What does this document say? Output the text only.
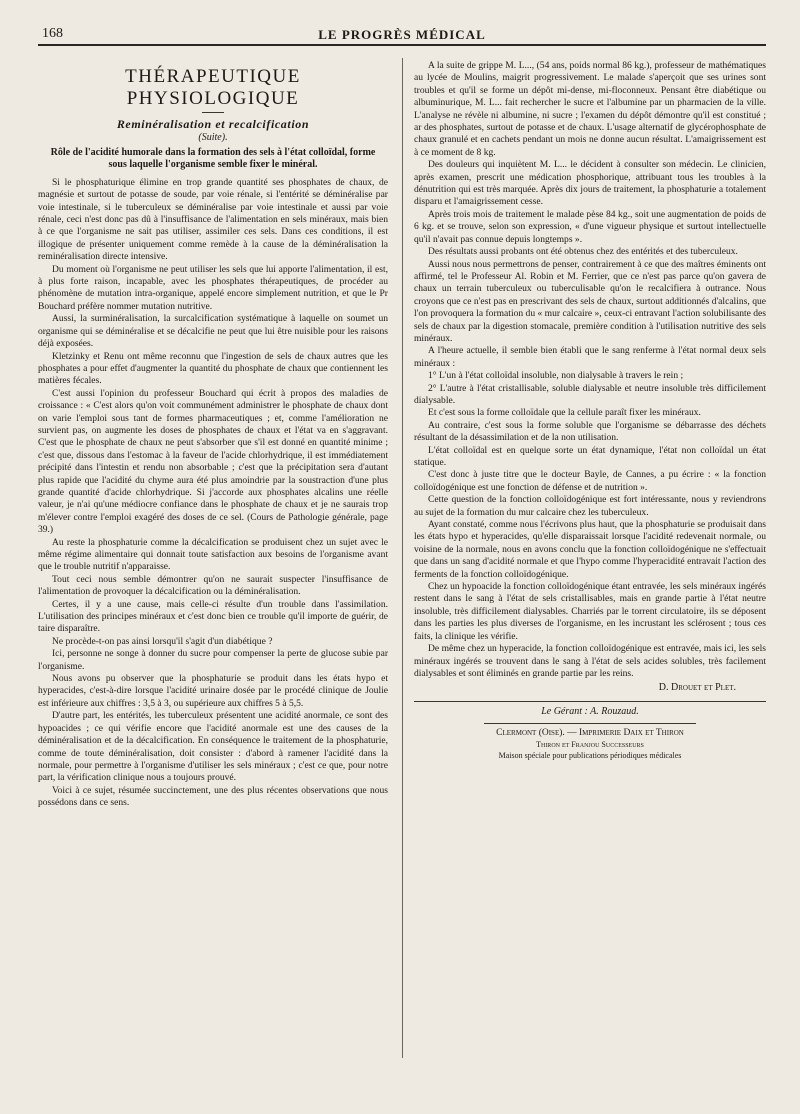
168	LE PROGRÈS MÉDICAL
THÉRAPEUTIQUE PHYSIOLOGIQUE
Reminéralisation et recalcification
(Suite).
Rôle de l'acidité humorale dans la formation des sels à l'état colloïdal, forme sous laquelle l'organisme semble fixer le minéral.

Si le phosphaturique élimine en trop grande quantité ses phosphates de chaux, de magnésie et surtout de potasse de soude, par voie rénale, si l'entérité se déminéralise par voie intestinale, si le tuberculeux se déminéralise par voie intestinale et aussi par voie rénale, ceci n'est donc pas dû à l'insuffisance de l'alimentation en sels minéraux, mais bien à ce que l'organisme ne sait pas utiliser, assimiler ces sels. Dans ces conditions, il est illogique de présenter uniquement comme remède à la cause de la déminéralisation la reminéralisation directe intensive.

Du moment où l'organisme ne peut utiliser les sels que lui apporte l'alimentation, il est, à plus forte raison, incapable, avec les phosphates thérapeutiques, de procéder au phénomène de mutation intra-organique, appelé encore simplement nutrition, et que le Pr Bouchard préfère nommer mutation nutritive.

Aussi, la surminéralisation, la surcalcification systématique à laquelle on soumet un organisme qui se déminéralise et se décalcifie ne peut que lui être nuisible pour les raisons déjà exposées.

Kletzinky et Renu ont même reconnu que l'ingestion de sels de chaux autres que les phosphates a pour effet d'augmenter la quantité du phosphate de chaux que contiennent les matières fécales.

C'est aussi l'opinion du professeur Bouchard qui écrit à propos des maladies de croissance : « C'est alors qu'on voit communément administrer le phosphate de chaux dont on varie l'emploi sous tant de formes pharmaceutiques ; et, comme l'amélioration ne survient pas, on augmente les doses de phosphates de chaux et l'état va en s'aggravant. C'est que le phosphate de chaux ne peut s'absorber que s'il est donné en quantité minime ; c'est que, dissous dans l'estomac à la faveur de l'acide chlorhydrique, il est immédiatement précipité dans l'intestin et rendu non absorbable ; c'est que la précipitation sera d'autant plus rapide que l'acidité du chyme aura été plus amoindrie par la soustraction d'une plus grande quantité d'acide chlorhydrique. Si j'accorde aux phosphates alcalins une réelle valeur, je n'ai qu'une médiocre confiance dans le phosphate de chaux et je ne saurais trop m'élever contre l'emploi exagéré des doses de ce sel. (Cours de Pathologie générale, page 39.)

Au reste la phosphaturie comme la décalcification se produisent chez un sujet avec le même régime alimentaire qui donnait toute satisfaction aux besoins de l'organisme avant que le trouble nutritif n'apparaisse.

Tout ceci nous semble démontrer qu'on ne saurait suspecter l'insuffisance de l'alimentation de provoquer la décalcification ou la déminéralisation.

Certes, il y a une cause, mais celle-ci résulte d'un trouble dans l'assimilation. L'utilisation des principes minéraux et c'est donc bien ce trouble qu'il importe de guérir, de taire disparaître.

Ne procède-t-on pas ainsi lorsqu'il s'agit d'un diabétique ?

Ici, personne ne songe à donner du sucre pour compenser la perte de glucose subie par l'organisme.

Nous avons pu observer que la phosphaturie se produit dans les états hypo et hyperacides, c'est-à-dire lorsque l'acidité urinaire dosée par le procédé clinique de Joulie est inférieure aux chiffres : 3,5 à 3, ou supérieure aux chiffres 5 à 5,5.

D'autre part, les entérités, les tuberculeux présentent une acidité anormale, ce sont des hypoacides ; ce qui vérifie encore que l'acidité anormale est une des causes de la déminéralisation et de la décalcification. En conséquence le traitement de la phosphaturie, comme de toute déminéralisation, doit consister : d'abord à ramener l'acidité dans la normale, pour permettre à l'organisme d'utiliser les sels minéraux ; c'est ce que, pour notre part, la vérification clinique nous a toujours prouvé.

Voici à ce sujet, résumée succinctement, une des plus récentes observations que nous possédons dans ce sens.

A la suite de grippe M. L..., (54 ans, poids normal 86 kg.), professeur de mathématiques au lycée de Moulins, maigrit progressivement. Le malade s'aperçoit que ses urines sont troubles et qu'il se forme un dépôt mi-dense, mi-floconneux. Pensant être diabétique ou albuminurique, M. L... fait rechercher le sucre et l'albumine par un pharmacien de la ville. L'analyse ne révèle ni albumine, ni sucre ; l'examen du dépôt démontre qu'il est constitué ; ar des phosphates, surtout de potasse et de chaux. L'usage alternatif de glycérophosphate de chaux granulé et en cachets pendant un mois ne donne aucun résultat. L'amaigrissement est à ce moment de 8 kg.

Des douleurs qui inquiètent M. L... le décident à consulter son médecin. Le clinicien, après examen, prescrit une médication phosphorique, attribuant tous les troubles à la dénutrition qui est très marquée. Après dix jours de traitement, la phosphaturie a totalement disparu et l'amaigrissement cesse.

Après trois mois de traitement le malade pèse 84 kg., soit une augmentation de poids de 6 kg. et se trouve, selon son expression, « d'une vigueur physique et surtout intellectuelle qu'il n'avait pas connue depuis longtemps ».

Des résultats aussi probants ont été obtenus chez des entérités et des tuberculeux.

Aussi nous nous permettrons de penser, contrairement à ce que des maîtres éminents ont affirmé, tel le Professeur Al. Robin et M. Ferrier, que ce n'est pas parce qu'on gavera de chaux un terrain tuberculeux ou tuberculisable qu'on le recalcifiera à outrance. Nous croyons que ce n'est pas en prescrivant des sels de chaux, surtout additionnés d'alcalins, que l'on provoquera la formation du « mur calcaire », ceux-ci entravant l'action solubilisante des sels de chaux par la digestion stomacale, première condition à l'utilisation nutritive des sels minéraux.

A l'heure actuelle, il semble bien établi que le sang renferme à l'état normal deux sels minéraux :

1° L'un à l'état colloïdal insoluble, non dialysable à travers le rein ;

2° L'autre à l'état cristallisable, soluble dialysable et neutre insoluble très difficilement dialysable.

Et c'est sous la forme colloïdale que la cellule paraît fixer les minéraux.

Au contraire, c'est sous la forme soluble que l'organisme se débarrasse des déchets résultant de la désassimilation et de la non utilisation.

L'état colloïdal est en quelque sorte un état dynamique, l'état non colloïdal un état statique.

C'est donc à juste titre que le docteur Bayle, de Cannes, a pu écrire : « la fonction colloïdogénique est une fonction de défense et de nutrition ».

Cette question de la fonction colloïdogénique est fort intéressante, nous y reviendrons au sujet de la formation du mur calcaire chez les tuberculeux.

Ayant constaté, comme nous l'écrivons plus haut, que la phosphaturie se produisait dans les états hypo et hyperacides, qu'elle disparaissait lorsque l'acidité redevenait normale, ou voisine de la normale, nous en avons conclu que la fonction colloïdogénique ne s'effectuait que dans un sang d'acidité normale et que l'hypo comme l'hyperacidité entravait l'action des ferments de la fonction colloïdogénique.

Chez un hypoacide la fonction colloïdogénique étant entravée, les sels minéraux ingérés restent dans le sang à l'état de sels cristallisables, mais en grande partie à l'état neutre insoluble, très difficilement dialysables. Charriés par le torrent circulatoire, ils se déposent dans les parties les plus diverses de l'organisme, en les incrustant les sclérosent ; tous ces faits, la clinique les vérifie.

De même chez un hyperacide, la fonction colloïdogénique est entravée, mais ici, les sels minéraux ingérés se trouvent dans le sang à l'état de sels acides solubles, très facilement dialysables et sont éliminés en grande partie par les reins.

D. Drouet et Plet.
Le Gérant : A. Rouzaud.
Clermont (Oise). — Imprimerie Daix et Thiron
Thiron et Franjou Successeurs
Maison spéciale pour publications périodiques médicales
